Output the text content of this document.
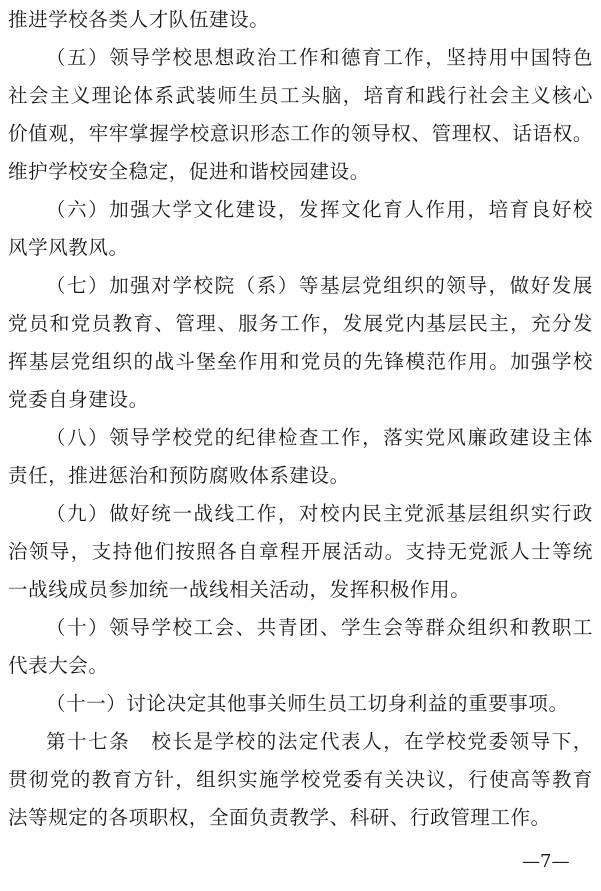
推进学校各类人才队伍建设。
（五）领导学校思想政治工作和德育工作，坚持用中国特色
社会主义理论体系武装师生员工头脑，培育和践行社会主义核心
价值观，牢牢掌握学校意识形态工作的领导权、管理权、话语权。
维护学校安全稳定，促进和谐校园建设。
（六）加强大学文化建设，发挥文化育人作用，培育良好校
风学风教风。
（七）加强对学校院（系）等基层党组织的领导，做好发展
党员和党员教育、管理、服务工作，发展党内基层民主，充分发
挥基层党组织的战斗堡垒作用和党员的先锋模范作用。加强学校
党委自身建设。
（八）领导学校党的纪律检查工作，落实党风廉政建设主体
责任，推进惩治和预防腐败体系建设。
（九）做好统一战线工作，对校内民主党派基层组织实行政
治领导，支持他们按照各自章程开展活动。支持无党派人士等统
一战线成员参加统一战线相关活动，发挥积极作用。
（十）领导学校工会、共青团、学生会等群众组织和教职工
代表大会。
（十一）讨论决定其他事关师生员工切身利益的重要事项。
第十七条　校长是学校的法定代表人，在学校党委领导下，
贯彻党的教育方针，组织实施学校党委有关决议，行使高等教育
法等规定的各项职权，全面负责教学、科研、行政管理工作。
—7—
